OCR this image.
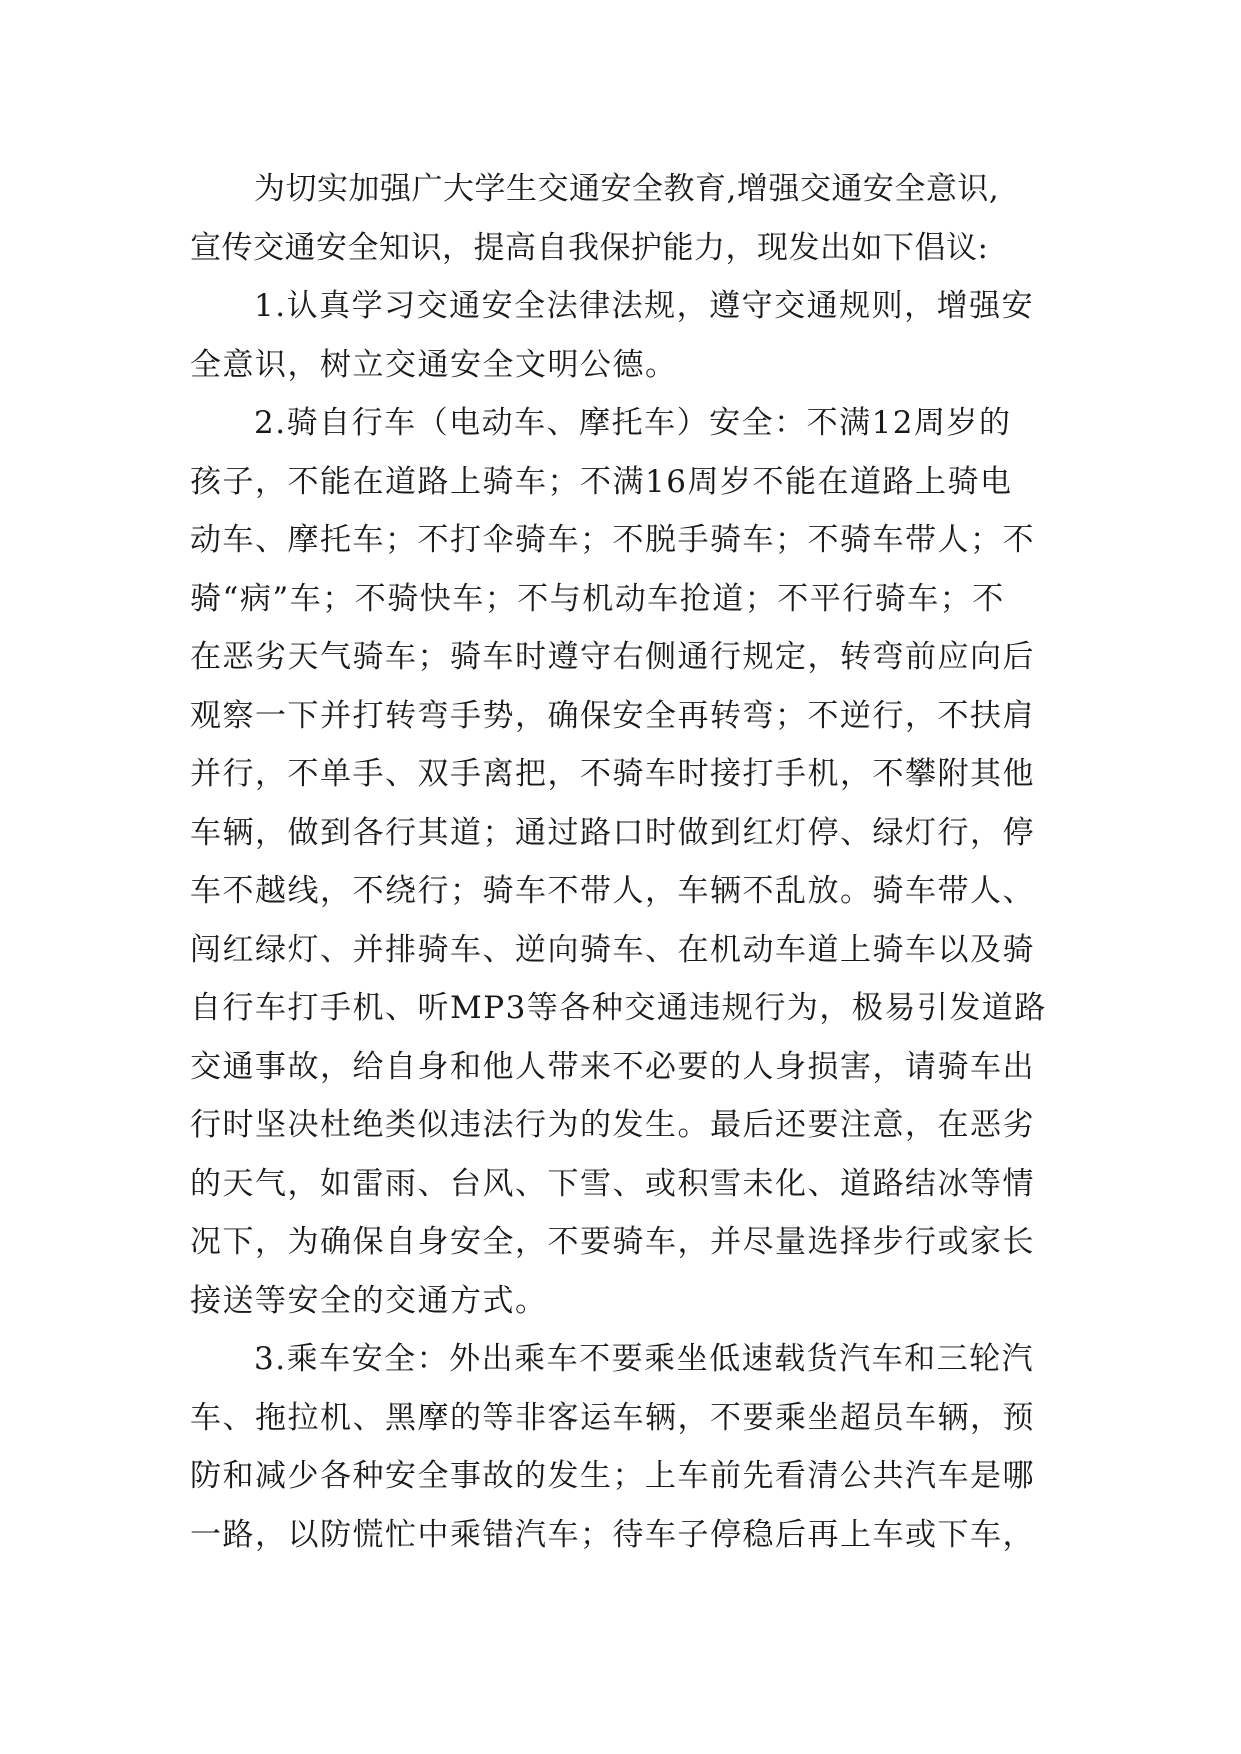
为切实加强广大学生交通安全教育,增强交通安全意识,
宣传交通安全知识，提高自我保护能力，现发出如下倡议:

1.认真学习交通安全法律法规，遵守交通规则，增强安
全意识，树立交通安全文明公德。

2.骑自行车（电动车、摩托车）安全：不满12周岁的
孩子，不能在道路上骑车；不满16周岁不能在道路上骑电
动车、摩托车；不打伞骑车；不脱手骑车；不骑车带人；不
骑“病”车；不骑快车；不与机动车抢道；不平行骑车；不
在恶劣天气骑车；骑车时遵守右侧通行规定，转弯前应向后
观察一下并打转弯手势，确保安全再转弯；不逆行，不扶肩
并行，不单手、双手离把，不骑车时接打手机，不攀附其他
车辆，做到各行其道；通过路口时做到红灯停、绿灯行，停
车不越线，不绕行；骑车不带人，车辆不乱放。骑车带人、
闯红绿灯、并排骑车、逆向骑车、在机动车道上骑车以及骑
自行车打手机、听MP3等各种交通违规行为，极易引发道路
交通事故，给自身和他人带来不必要的人身损害，请骑车出
行时坚决杜绝类似违法行为的发生。最后还要注意，在恶劣
的天气，如雷雨、台风、下雪、或积雪未化、道路结冰等情
况下，为确保自身安全，不要骑车，并尽量选择步行或家长
接送等安全的交通方式。

3.乘车安全：外出乘车不要乘坐低速载货汽车和三轮汽
车、拖拉机、黑摩的等非客运车辆，不要乘坐超员车辆，预
防和减少各种安全事故的发生；上车前先看清公共汽车是哪
一路，以防慌忙中乘错汽车；待车子停稳后再上车或下车，
